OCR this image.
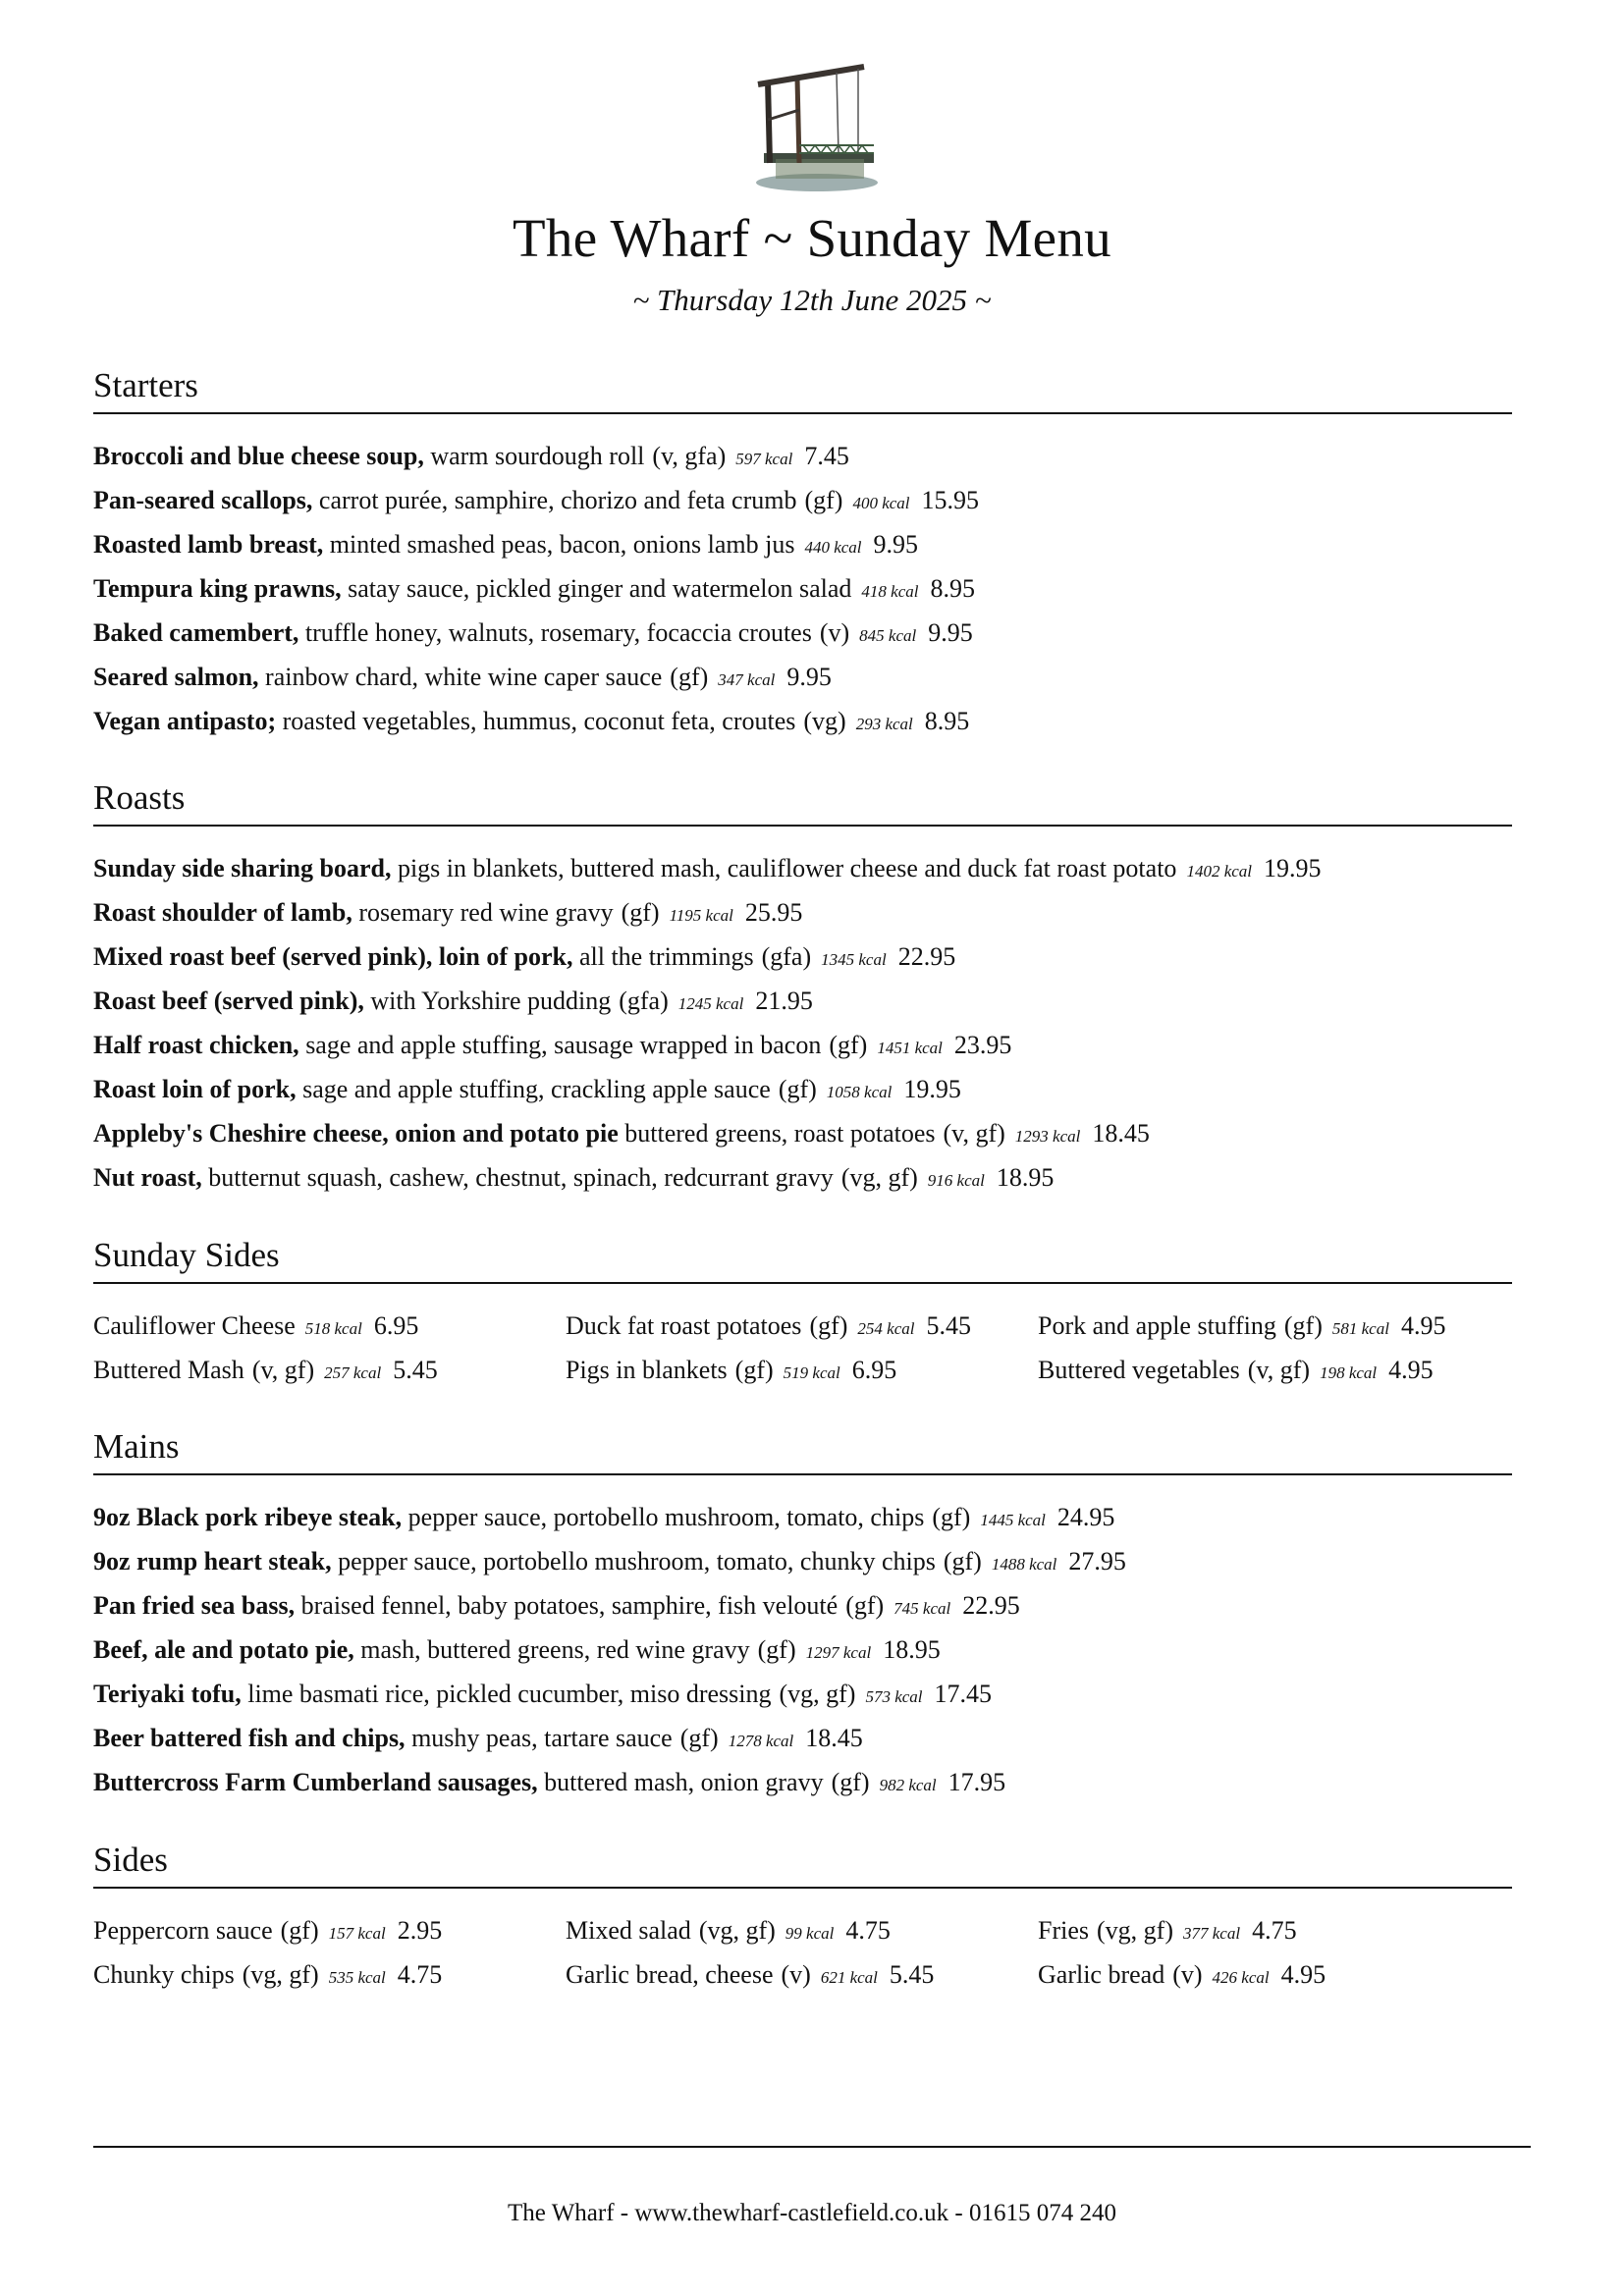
The Wharf ~ Sunday Menu
~ Thursday 12th June 2025 ~
Starters
Broccoli and blue cheese soup, warm sourdough roll (v, gfa) 597 kcal 7.45
Pan-seared scallops, carrot purée, samphire, chorizo and feta crumb (gf) 400 kcal 15.95
Roasted lamb breast, minted smashed peas, bacon, onions lamb jus 440 kcal 9.95
Tempura king prawns, satay sauce, pickled ginger and watermelon salad 418 kcal 8.95
Baked camembert, truffle honey, walnuts, rosemary, focaccia croutes (v) 845 kcal 9.95
Seared salmon, rainbow chard, white wine caper sauce (gf) 347 kcal 9.95
Vegan antipasto; roasted vegetables, hummus, coconut feta, croutes (vg) 293 kcal 8.95
Roasts
Sunday side sharing board, pigs in blankets, buttered mash, cauliflower cheese and duck fat roast potato 1402 kcal 19.95
Roast shoulder of lamb, rosemary red wine gravy (gf) 1195 kcal 25.95
Mixed roast beef (served pink), loin of pork, all the trimmings (gfa) 1345 kcal 22.95
Roast beef (served pink), with Yorkshire pudding (gfa) 1245 kcal 21.95
Half roast chicken, sage and apple stuffing, sausage wrapped in bacon (gf) 1451 kcal 23.95
Roast loin of pork, sage and apple stuffing, crackling apple sauce (gf) 1058 kcal 19.95
Appleby's Cheshire cheese, onion and potato pie buttered greens, roast potatoes (v, gf) 1293 kcal 18.45
Nut roast, butternut squash, cashew, chestnut, spinach, redcurrant gravy (vg, gf) 916 kcal 18.95
Sunday Sides
Cauliflower Cheese 518 kcal 6.95	Duck fat roast potatoes (gf) 254 kcal 5.45	Pork and apple stuffing (gf) 581 kcal 4.95
Buttered Mash (v, gf) 257 kcal 5.45	Pigs in blankets (gf) 519 kcal 6.95	Buttered vegetables (v, gf) 198 kcal 4.95
Mains
9oz Black pork ribeye steak, pepper sauce, portobello mushroom, tomato, chips (gf) 1445 kcal 24.95
9oz rump heart steak, pepper sauce, portobello mushroom, tomato, chunky chips (gf) 1488 kcal 27.95
Pan fried sea bass, braised fennel, baby potatoes, samphire, fish velouté (gf) 745 kcal 22.95
Beef, ale and potato pie, mash, buttered greens, red wine gravy (gf) 1297 kcal 18.95
Teriyaki tofu, lime basmati rice, pickled cucumber, miso dressing (vg, gf) 573 kcal 17.45
Beer battered fish and chips, mushy peas, tartare sauce (gf) 1278 kcal 18.45
Buttercross Farm Cumberland sausages, buttered mash, onion gravy (gf) 982 kcal 17.95
Sides
Peppercorn sauce (gf) 157 kcal 2.95	Mixed salad (vg, gf) 99 kcal 4.75	Fries (vg, gf) 377 kcal 4.75
Chunky chips (vg, gf) 535 kcal 4.75	Garlic bread, cheese (v) 621 kcal 5.45	Garlic bread (v) 426 kcal 4.95
The Wharf - www.thewharf-castlefield.co.uk - 01615 074 240
